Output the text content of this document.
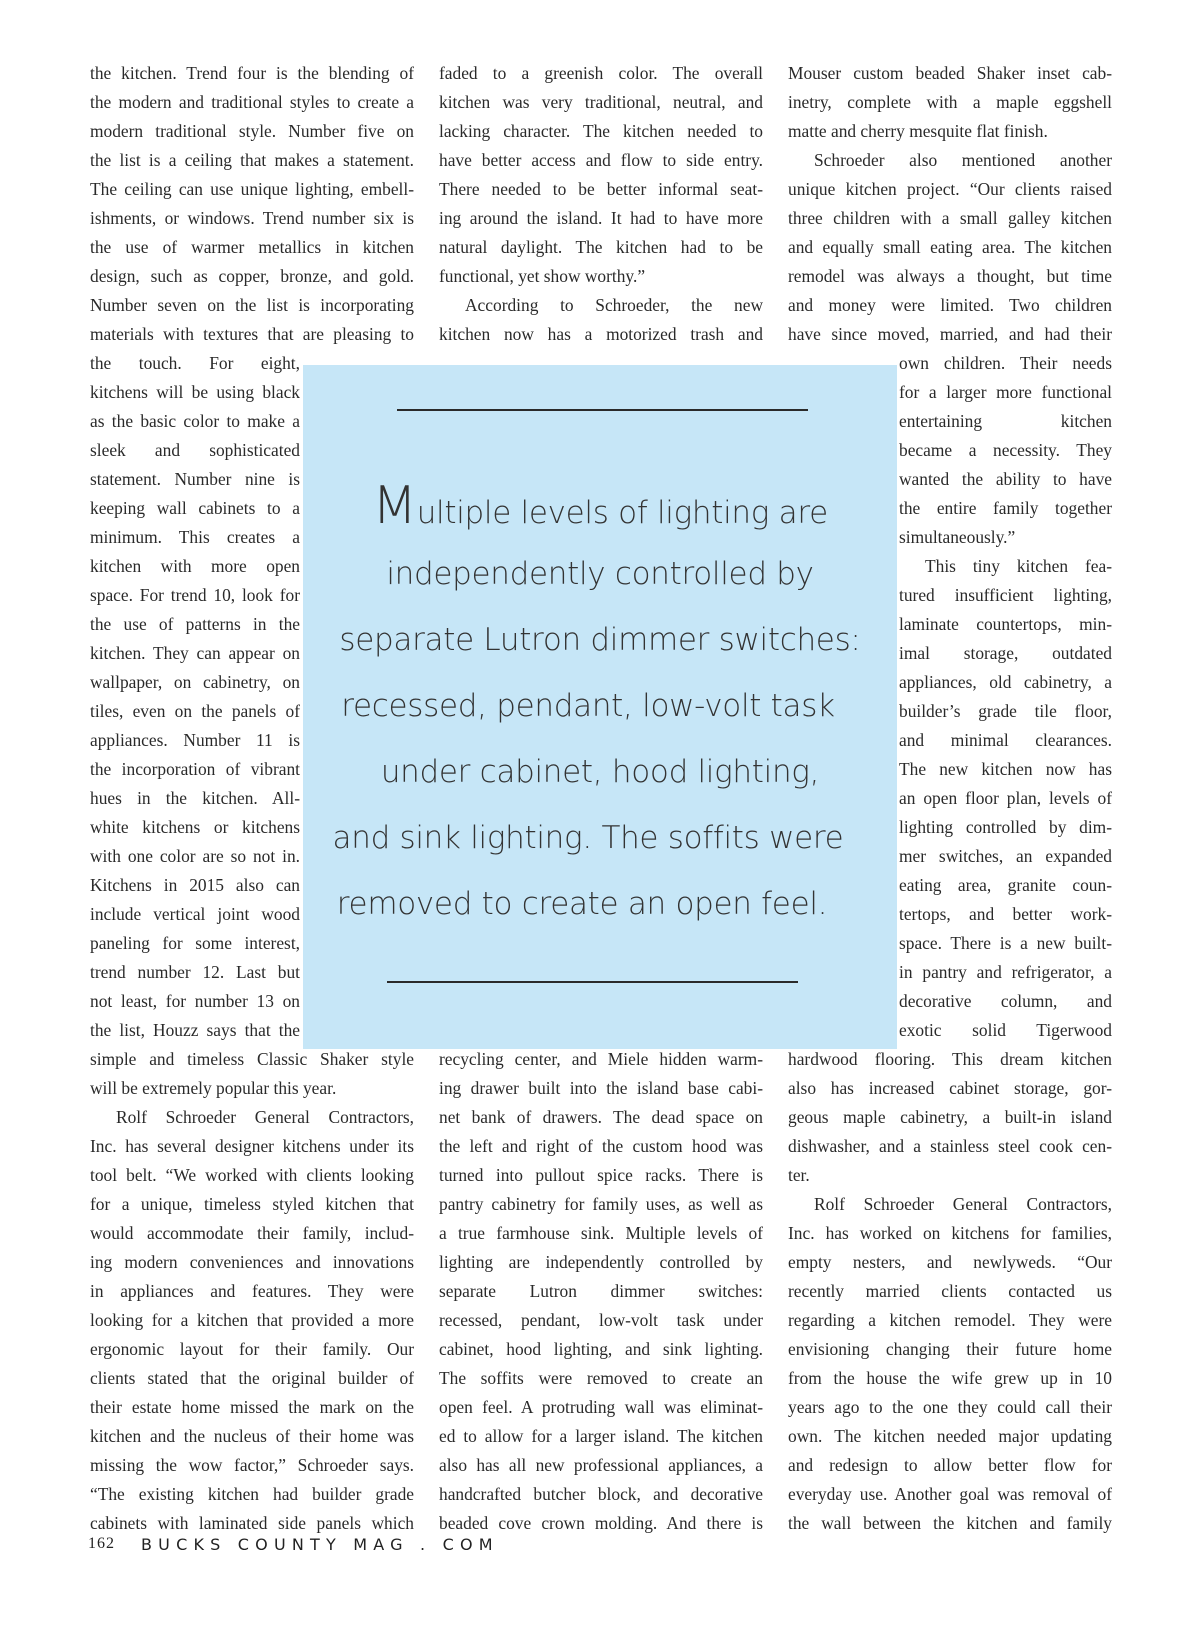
the kitchen. Trend four is the blending of
the modern and traditional styles to create a
modern traditional style. Number five on
the list is a ceiling that makes a statement.
The ceiling can use unique lighting, embell-
ishments, or windows. Trend number six is
the use of warmer metallics in kitchen
design, such as copper, bronze, and gold.
Number seven on the list is incorporating
materials with textures that are pleasing to
the touch. For eight,
kitchens will be using black
as the basic color to make a
sleek and sophisticated
statement. Number nine is
keeping wall cabinets to a
minimum. This creates a
kitchen with more open
space. For trend 10, look for
the use of patterns in the
kitchen. They can appear on
wallpaper, on cabinetry, on
tiles, even on the panels of
appliances. Number 11 is
the incorporation of vibrant
hues in the kitchen. All-
white kitchens or kitchens
with one color are so not in.
Kitchens in 2015 also can
include vertical joint wood
paneling for some interest,
trend number 12. Last but
not least, for number 13 on
the list, Houzz says that the
simple and timeless Classic Shaker style
will be extremely popular this year.
Rolf Schroeder General Contractors,
Inc. has several designer kitchens under its
tool belt. “We worked with clients looking
for a unique, timeless styled kitchen that
would accommodate their family, includ-
ing modern conveniences and innovations
in appliances and features. They were
looking for a kitchen that provided a more
ergonomic layout for their family. Our
clients stated that the original builder of
their estate home missed the mark on the
kitchen and the nucleus of their home was
missing the wow factor,” Schroeder says.
“The existing kitchen had builder grade
cabinets with laminated side panels which
faded to a greenish color. The overall
kitchen was very traditional, neutral, and
lacking character. The kitchen needed to
have better access and flow to side entry.
There needed to be better informal seat-
ing around the island. It had to have more
natural daylight. The kitchen had to be
functional, yet show worthy.”
According to Schroeder, the new
kitchen now has a motorized trash and
recycling center, and Miele hidden warm-
ing drawer built into the island base cabi-
net bank of drawers. The dead space on
the left and right of the custom hood was
turned into pullout spice racks. There is
pantry cabinetry for family uses, as well as
a true farmhouse sink. Multiple levels of
lighting are independently controlled by
separate Lutron dimmer switches:
recessed, pendant, low-volt task under
cabinet, hood lighting, and sink lighting.
The soffits were removed to create an
open feel. A protruding wall was eliminat-
ed to allow for a larger island. The kitchen
also has all new professional appliances, a
handcrafted butcher block, and decorative
beaded cove crown molding. And there is
Mouser custom beaded Shaker inset cab-
inetry, complete with a maple eggshell
matte and cherry mesquite flat finish.
Schroeder also mentioned another
unique kitchen project. “Our clients raised
three children with a small galley kitchen
and equally small eating area. The kitchen
remodel was always a thought, but time
and money were limited. Two children
have since moved, married, and had their
own children. Their needs
for a larger more functional
entertaining kitchen
became a necessity. They
wanted the ability to have
the entire family together
simultaneously.”
This tiny kitchen fea-
tured insufficient lighting,
laminate countertops, min-
imal storage, outdated
appliances, old cabinetry, a
builder’s grade tile floor,
and minimal clearances.
The new kitchen now has
an open floor plan, levels of
lighting controlled by dim-
mer switches, an expanded
eating area, granite coun-
tertops, and better work-
space. There is a new built-
in pantry and refrigerator, a
decorative column, and
exotic solid Tigerwood
hardwood flooring. This dream kitchen
also has increased cabinet storage, gor-
geous maple cabinetry, a built-in island
dishwasher, and a stainless steel cook cen-
ter.
Rolf Schroeder General Contractors,
Inc. has worked on kitchens for families,
empty nesters, and newlyweds. “Our
recently married clients contacted us
regarding a kitchen remodel. They were
envisioning changing their future home
from the house the wife grew up in 10
years ago to the one they could call their
own. The kitchen needed major updating
and redesign to allow better flow for
everyday use. Another goal was removal of
the wall between the kitchen and family
Multiple levels of lighting are
independently controlled by
separate Lutron dimmer switches:
recessed, pendant, low-volt task
under cabinet, hood lighting,
and sink lighting. The soffits were
removed to create an open feel.
162 BUCKS COUNTY MAG . COM
